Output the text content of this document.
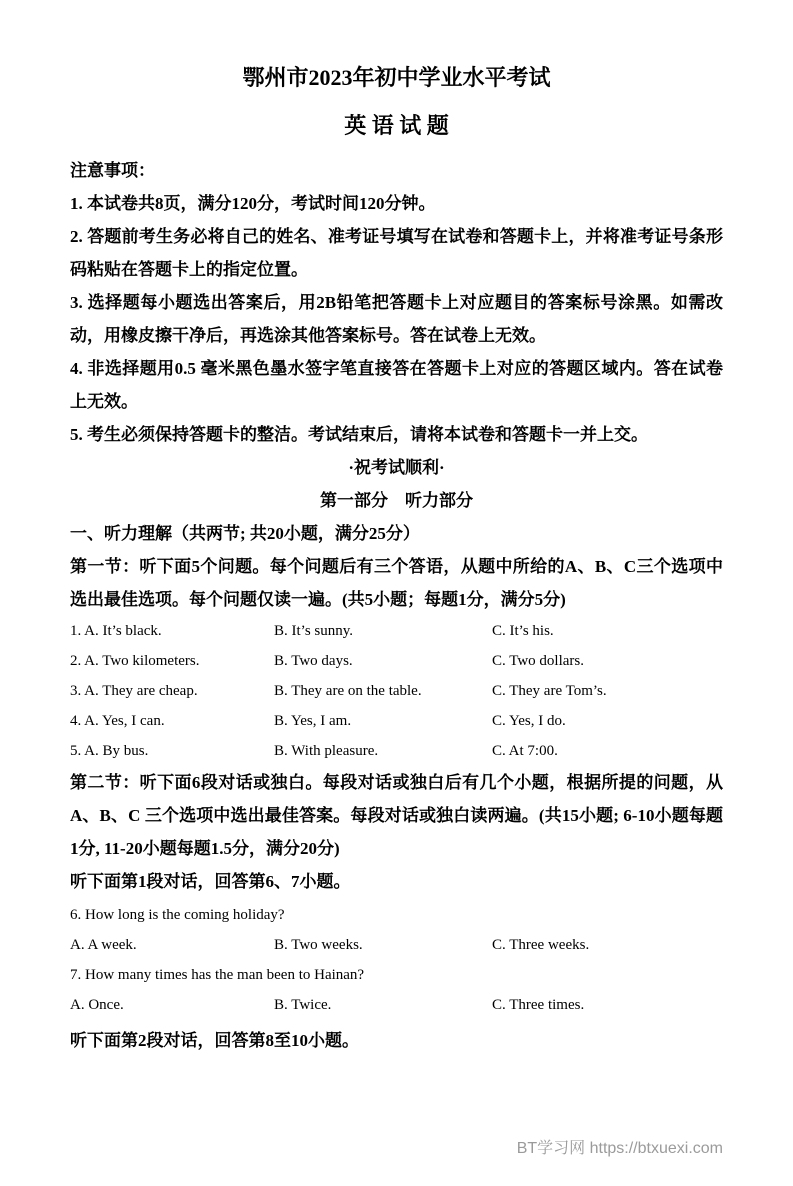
鄂州市2023年初中学业水平考试
英 语 试 题

注意事项：

1. 本试卷共8页，满分120分，考试时间120分钟。

2. 答题前考生务必将自己的姓名、准考证号填写在试卷和答题卡上，并将准考证号条形码粘贴在答题卡上的指定位置。

3. 选择题每小题选出答案后，用2B铅笔把答题卡上对应题目的答案标号涂黑。如需改动，用橡皮擦干净后，再选涂其他答案标号。答在试卷上无效。

4. 非选择题用0.5 毫米黑色墨水签字笔直接答在答题卡上对应的答题区域内。答在试卷上无效。

5. 考生必须保持答题卡的整洁。考试结束后，请将本试卷和答题卡一并上交。

·祝考试顺利·

第一部分　听力部分

一、听力理解（共两节; 共20小题，满分25分）

第一节：听下面5个问题。每个问题后有三个答语，从题中所给的A、B、C三个选项中选出最佳选项。每个问题仅读一遍。(共5小题；每题1分，满分5分)

1. A. It’s black.	B. It’s sunny.	C. It’s his.
2. A. Two kilometers.	B. Two days.	C. Two dollars.
3. A. They are cheap.	B. They are on the table.	C. They are Tom’s.
4. A. Yes, I can.	B. Yes, I am.	C. Yes, I do.
5. A. By bus.	B. With pleasure.	C. At 7:00.

第二节：听下面6段对话或独白。每段对话或独白后有几个小题，根据所提的问题，从A、B、C 三个选项中选出最佳答案。每段对话或独白读两遍。(共15小题; 6-10小题每题1分, 11-20小题每题1.5分，满分20分)

听下面第1段对话，回答第6、7小题。

6. How long is the coming holiday?

A. A week.	B. Two weeks.	C. Three weeks.

7. How many times has the man been to Hainan?

A. Once.	B. Twice.	C. Three times.

听下面第2段对话，回答第8至10小题。

BT学习网 https://btxuexi.com
